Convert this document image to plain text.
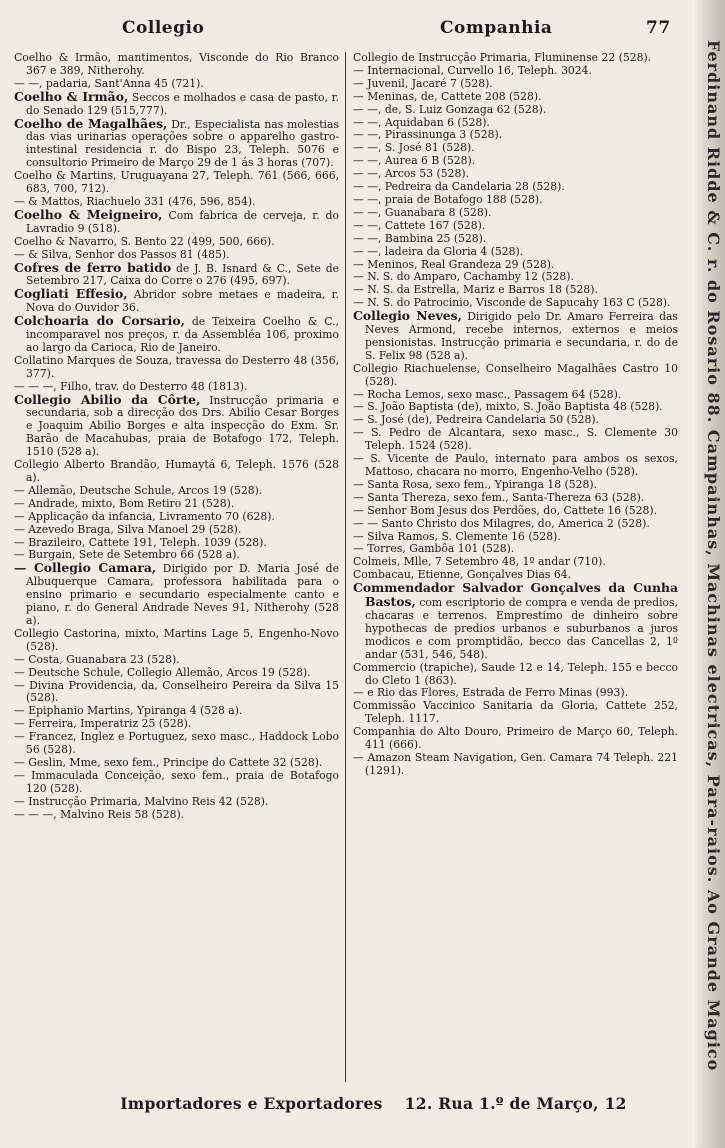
Collegio	Companhia	77

Coelho & Irmão, mantimentos, Visconde do Rio Branco 367 e 389, Nitherohy.

— —, padaria, Sant'Anna 45 (721).

Coelho & Irmão, Seccos e molhados e casa de pasto, r. do Senado 129 (515,777).

Coelho de Magalhães, Dr., Especialista nas molestias das vias urinarias operações sobre o apparelho gastro-intestinal residencia r. do Bispo 23, Teleph. 5076 e consultorio Primeiro de Março 29 de 1 ás 3 horas (707).

Coelho & Martins, Uruguayana 27, Teleph. 761 (566, 666, 683, 700, 712).

— & Mattos, Riachuelo 331 (476, 596, 854).

Coelho & Meigneiro, Com fabrica de cerveja, r. do Lavradio 9 (518).

Coelho & Navarro, S. Bento 22 (499, 500, 666).

— & Silva, Senhor dos Passos 81 (485).

Cofres de ferro batido de J. B. Isnard & C., Sete de Setembro 217, Caixa do Corre o 276 (495, 697).

Cogliati Effesio, Abridor sobre metaes e madeira, r. Nova do Ouvidor 36.

Colchoaria do Corsario, de Teixeira Coelho & C., incomparavel nos preços, r. da Assembléa 106, proximo ao largo da Carioca, Rio de Janeiro.

Collatino Marques de Souza, travessa do Desterro 48 (356, 377).

— — —, Filho, trav. do Desterro 48 (1813).

Collegio Abilio da Côrte, Instrucção primaria e secundaria, sob a direcção dos Drs. Abilio Cesar Borges e Joaquim Abilio Borges e alta inspecção do Exm. Sr. Barão de Macahubas, praia de Botafogo 172, Teleph. 1510 (528 a).

Collegio Alberto Brandão, Humaytá 6, Teleph. 1576 (528 a).

— Allemão, Deutsche Schule, Arcos 19 (528).

— Andrade, mixto, Bom Retiro 21 (528).

— Applicação da infancia, Livramento 70 (628).

— Azevedo Braga, Silva Manoel 29 (528).

— Brazileiro, Cattete 191, Teleph. 1039 (528).

— Burgain, Sete de Setembro 66 (528 a).

— Collegio Camara, Dirigido por D. Maria José de Albuquerque Camara, professora habilitada para o ensino primario e secundario especialmente canto e piano, r. do General Andrade Neves 91, Nitherohy (528 a).

Collegio Castorina, mixto, Martins Lage 5, Engenho-Novo (528).

— Costa, Guanabara 23 (528).

— Deutsche Schule, Collegio Allemão, Arcos 19 (528).

— Divina Providencia, da, Conselheiro Pereira da Silva 15 (528).

— Epiphanio Martins, Ypiranga 4 (528 a).

— Ferreira, Imperatriz 25 (528).

— Francez, Inglez e Portuguez, sexo masc., Haddock Lobo 56 (528).

— Geslin, Mme, sexo fem., Principe do Cattete 32 (528).

— Immaculada Conceição, sexo fem., praia de Botafogo 120 (528).

— Instrucção Primaria, Malvino Reis 42 (528).

— — —, Malvino Reis 58 (528).

Collegio de Instrucção Primaria, Fluminense 22 (528).

— Internacional, Curvello 16, Teleph. 3024.

— Juvenil, Jacaré 7 (528).

— Meninas, de, Cattete 208 (528).

— —, de, S. Luiz Gonzaga 62 (528).

— —, Aquidaban 6 (528).

— —, Pirassinunga 3 (528).

— —, S. José 81 (528).

— —, Aurea 6 B (528).

— —, Arcos 53 (528).

— —, Pedreira da Candelaria 28 (528).

— —, praia de Botafogo 188 (528).

— —, Guanabara 8 (528).

— —, Cattete 167 (528).

— —, Bambina 25 (528).

— —, ladeira da Gloria 4 (528).

— Meninos, Real Grandeza 29 (528).

— N. S. do Amparo, Cachamby 12 (528).

— N. S. da Estrella, Mariz e Barros 18 (528).

— N. S. do Patrocinio, Visconde de Sapucahy 163 C (528).

Collegio Neves, Dirigido pelo Dr. Amaro Ferreira das Neves Armond, recebe internos, externos e meios pensionistas. Instrucção primaria e secundaria, r. do de S. Felix 98 (528 a).

Collegio Riachuelense, Conselheiro Magalhães Castro 10 (528).

— Rocha Lemos, sexo masc., Passagem 64 (528).

— S. João Baptista (de), mixto, S. João Baptista 48 (528).

— S. José (de), Pedreira Candelaria 50 (528).

— S. Pedro de Alcantara, sexo masc., S. Clemente 30 Teleph. 1524 (528).

— S. Vicente de Paulo, internato para ambos os sexos, Mattoso, chacara no morro, Engenho-Velho (528).

— Santa Rosa, sexo fem., Ypiranga 18 (528).

— Santa Thereza, sexo fem., Santa-Thereza 63 (528).

— Senhor Bom Jesus dos Perdões, do, Cattete 16 (528).

— — Santo Christo dos Milagres, do, America 2 (528).

— Silva Ramos, S. Clemente 16 (528).

— Torres, Gambôa 101 (528).

Colmeis, Mlle, 7 Setembro 48, 1º andar (710).

Combacau, Etienne, Gonçalves Dias 64.

Commendador Salvador Gonçalves da Cunha Bastos, com escriptorio de compra e venda de predios, chacaras e terrenos. Emprestimo de dinheiro sobre hypothecas de predios urbanos e suburbanos a juros modicos e com promptidão, becco das Cancellas 2, 1º andar (531, 546, 548).

Commercio (trapiche), Saude 12 e 14, Teleph. 155 e becco do Cleto 1 (863).

— e Rio das Flores, Estrada de Ferro Minas (993).

Commissão Vaccinico Sanitaria da Gloria, Cattete 252, Teleph. 1117.

Companhia do Alto Douro, Primeiro de Março 60, Teleph. 411 (666).

— Amazon Steam Navigation, Gen. Camara 74 Teleph. 221 (1291).	Ferdinand Ridde & C. r. do Rosario 88. Campainhas, Machinas electricas, Para-raios. Ao Grande Magico
Importadores e Exportadores 12. Rua 1.º de Março, 12
